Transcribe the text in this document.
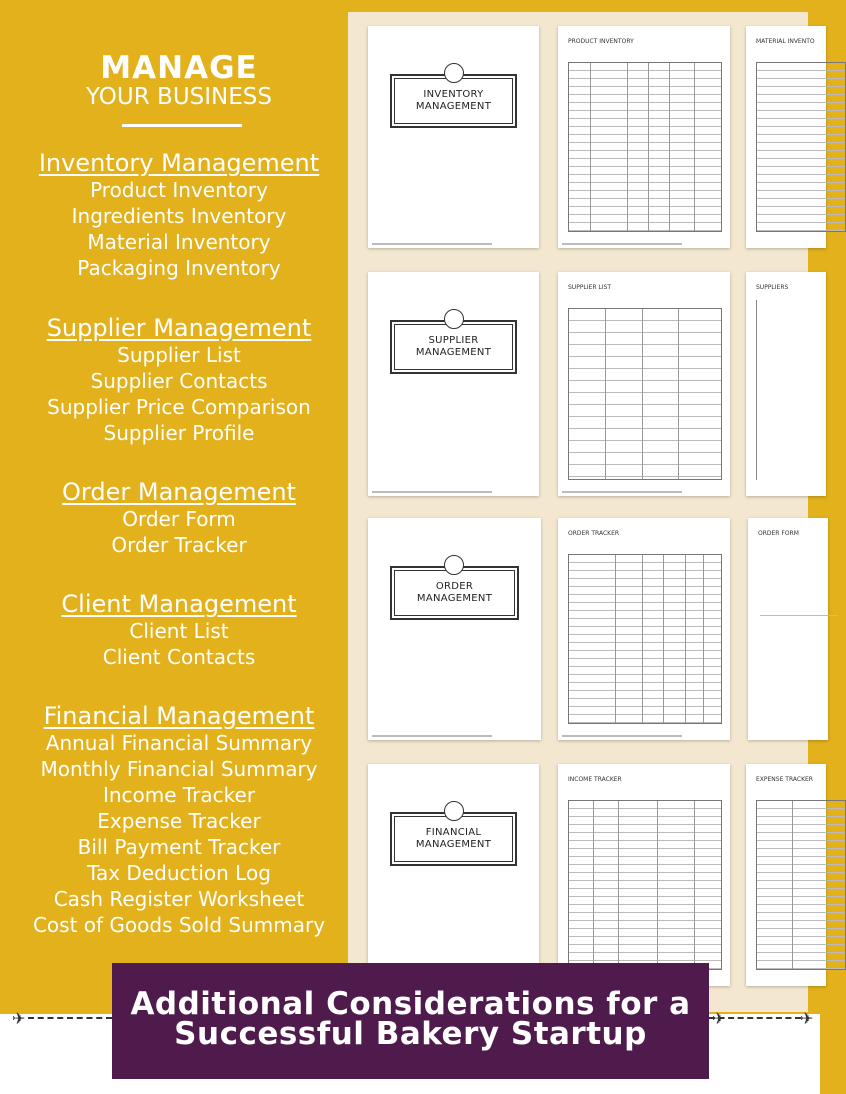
MANAGE
YOUR BUSINESS
Inventory Management
Product Inventory
Ingredients Inventory
Material Inventory
Packaging Inventory
Supplier Management
Supplier List
Supplier Contacts
Supplier Price Comparison
Supplier Profile
Order Management
Order Form
Order Tracker
Client Management
Client List
Client Contacts
Financial Management
Annual Financial Summary
Monthly Financial Summary
Income Tracker
Expense Tracker
Bill Payment Tracker
Tax Deduction Log
Cash Register Worksheet
Cost of Goods Sold Summary
INVENTORY
MANAGEMENT
PRODUCT INVENTORY	MATERIAL INVENTO
SUPPLIER
MANAGEMENT
SUPPLIER LIST	SUPPLIERS
ORDER
MANAGEMENT
ORDER TRACKER	ORDER FORM
FINANCIAL
MANAGEMENT
INCOME TRACKER	EXPENSE TRACKER
✈	✈	✈
Additional Considerations for a Successful Bakery Startup
